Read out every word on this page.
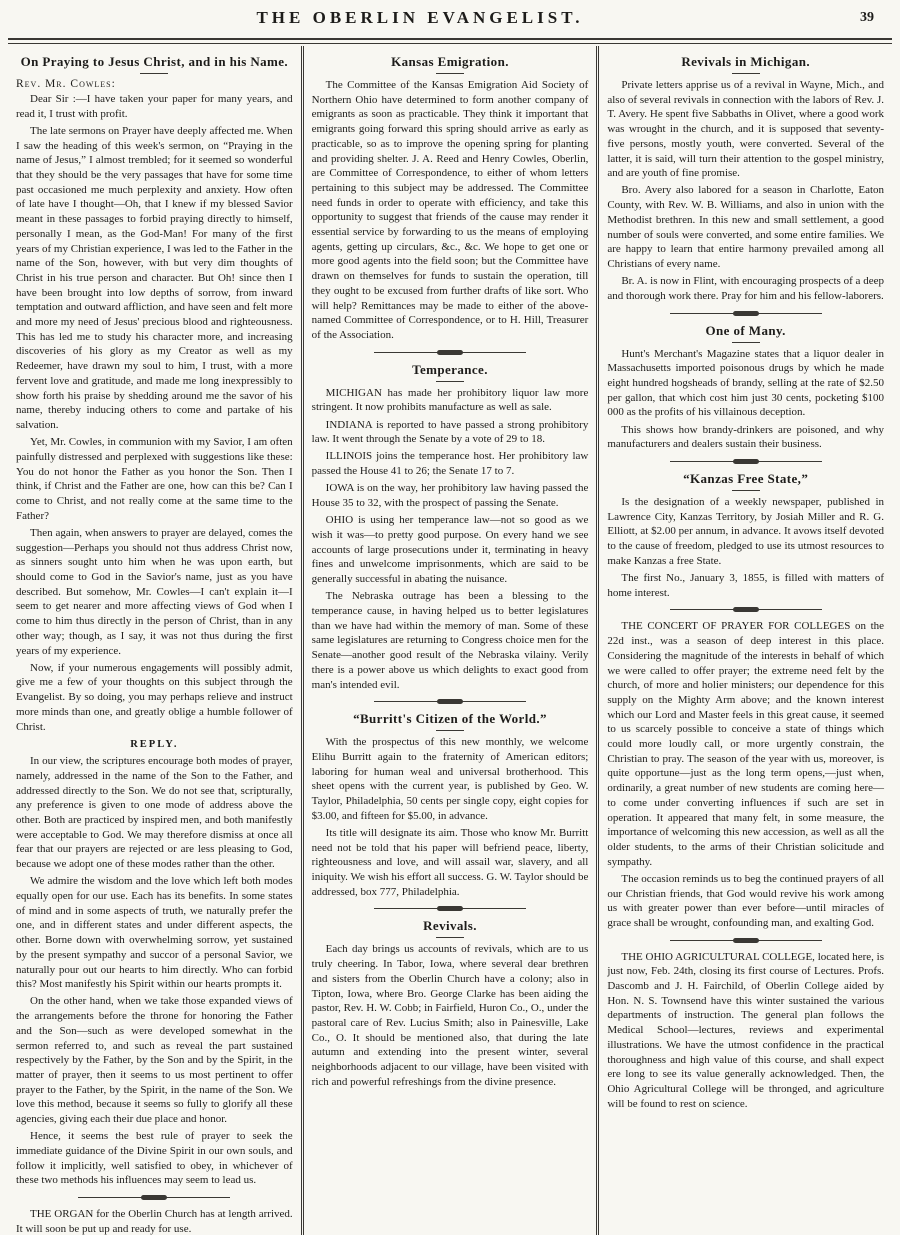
THE OBERLIN EVANGELIST.	39
On Praying to Jesus Christ, and in his Name.
Rev. Mr. Cowles:
Dear Sir :—I have taken your paper for many years, and read it, I trust with profit.
The late sermons on Prayer have deeply affected me. When I saw the heading of this week's sermon, on “Praying in the name of Jesus,” I almost trembled; for it seemed so wonderful that they should be the very passages that have for some time past occasioned me much perplexity and anxiety. How often of late have I thought—Oh, that I knew if my blessed Savior meant in these passages to forbid praying directly to himself, personally I mean, as the God-Man! For many of the first years of my Christian experience, I was led to the Father in the name of the Son, however, with but very dim thoughts of Christ in his true person and character. But Oh! since then I have been brought into low depths of sorrow, from inward temptation and outward affliction, and have seen and felt more and more my need of Jesus' precious blood and righteousness. This has led me to study his character more, and increasing discoveries of his glory as my Creator as well as my Redeemer, have drawn my soul to him, I trust, with a more fervent love and gratitude, and made me long inexpressibly to show forth his praise by shedding around me the savor of his name, thereby inducing others to come and partake of his salvation.
Yet, Mr. Cowles, in communion with my Savior, I am often painfully distressed and perplexed with suggestions like these: You do not honor the Father as you honor the Son. Then I think, if Christ and the Father are one, how can this be? Can I come to Christ, and not really come at the same time to the Father?
Then again, when answers to prayer are delayed, comes the suggestion—Perhaps you should not thus address Christ now, as sinners sought unto him when he was upon earth, but should come to God in the Savior's name, just as you have described. But somehow, Mr. Cowles—I can't explain it—I seem to get nearer and more affecting views of God when I come to him thus directly in the person of Christ, than in any other way; though, as I say, it was not thus during the first years of my experience.
Now, if your numerous engagements will possibly admit, give me a few of your thoughts on this subject through the Evangelist. By so doing, you may perhaps relieve and instruct more minds than one, and greatly oblige a humble follower of Christ.
REPLY.
In our view, the scriptures encourage both modes of prayer, namely, addressed in the name of the Son to the Father, and addressed directly to the Son. We do not see that, scripturally, any preference is given to one mode of address above the other. Both are practiced by inspired men, and both manifestly were acceptable to God. We may therefore dismiss at once all fear that our prayers are rejected or are less pleasing to God, because we adopt one of these modes rather than the other.
We admire the wisdom and the love which left both modes equally open for our use. Each has its benefits. In some states of mind and in some aspects of truth, we naturally prefer the one, and in different states and under different aspects, the other. Borne down with overwhelming sorrow, yet sustained by the present sympathy and succor of a personal Savior, we naturally pour out our hearts to him directly. Who can forbid this? Most manifestly his Spirit within our hearts prompts it.
On the other hand, when we take those expanded views of the arrangements before the throne for honoring the Father and the Son—such as were developed somewhat in the sermon referred to, and such as reveal the part sustained respectively by the Father, by the Son and by the Spirit, in the matter of prayer, then it seems to us most pertinent to offer prayer to the Father, by the Spirit, in the name of the Son. We love this method, because it seems so fully to glorify all these agencies, giving each their due place and honor.
Hence, it seems the best rule of prayer to seek the immediate guidance of the Divine Spirit in our own souls, and follow it implicitly, well satisfied to obey, in whichever of these two methods his influences may seem to lead us.
THE ORGAN for the Oberlin Church has at length arrived. It will soon be put up and ready for use.
Kansas Emigration.
The Committee of the Kansas Emigration Aid Society of Northern Ohio have determined to form another company of emigrants as soon as practicable. They think it important that emigrants going forward this spring should arrive as early as practicable, so as to improve the opening spring for planting and providing shelter. J. A. Reed and Henry Cowles, Oberlin, are Committee of Correspondence, to either of whom letters pertaining to this subject may be addressed. The Committee need funds in order to operate with efficiency, and take this opportunity to suggest that friends of the cause may render it essential service by forwarding to us the means of employing agents, getting up circulars, &c., &c. We hope to get one or more good agents into the field soon; but the Committee have drawn on themselves for funds to sustain the operation, till they ought to be excused from further drafts of like sort. Who will help? Remittances may be made to either of the above-named Committee of Correspondence, or to H. Hill, Treasurer of the Association.
Temperance.
MICHIGAN has made her prohibitory liquor law more stringent. It now prohibits manufacture as well as sale.
INDIANA is reported to have passed a strong prohibitory law. It went through the Senate by a vote of 29 to 18.
ILLINOIS joins the temperance host. Her prohibitory law passed the House 41 to 26; the Senate 17 to 7.
IOWA is on the way, her prohibitory law having passed the House 35 to 32, with the prospect of passing the Senate.
OHIO is using her temperance law—not so good as we wish it was—to pretty good purpose. On every hand we see accounts of large prosecutions under it, terminating in heavy fines and unwelcome imprisonments, which are said to be generally successful in abating the nuisance.
The Nebraska outrage has been a blessing to the temperance cause, in having helped us to better legislatures than we have had within the memory of man. Some of these same legislatures are returning to Congress choice men for the Senate—another good result of the Nebraska vilainy. Verily there is a power above us which delights to exact good from man's intended evil.
“Burritt's Citizen of the World.”
With the prospectus of this new monthly, we welcome Elihu Burritt again to the fraternity of American editors; laboring for human weal and universal brotherhood. This sheet opens with the current year, is published by Geo. W. Taylor, Philadelphia, 50 cents per single copy, eight copies for $3.00, and fifteen for $5.00, in advance.
Its title will designate its aim. Those who know Mr. Burritt need not be told that his paper will befriend peace, liberty, righteousness and love, and will assail war, slavery, and all iniquity. We wish his effort all success. G. W. Taylor should be addressed, box 777, Philadelphia.
Revivals.
Each day brings us accounts of revivals, which are to us truly cheering. In Tabor, Iowa, where several dear brethren and sisters from the Oberlin Church have a colony; also in Tipton, Iowa, where Bro. George Clarke has been aiding the pastor, Rev. H. W. Cobb; in Fairfield, Huron Co., O., under the pastoral care of Rev. Lucius Smith; also in Painesville, Lake Co., O. It should be mentioned also, that during the late autumn and extending into the present winter, several neighborhoods adjacent to our village, have been visited with rich and powerful refreshings from the divine presence.
Revivals in Michigan.
Private letters apprise us of a revival in Wayne, Mich., and also of several revivals in connection with the labors of Rev. J. T. Avery. He spent five Sabbaths in Olivet, where a good work was wrought in the church, and it is supposed that seventy-five persons, mostly youth, were converted. Several of the latter, it is said, will turn their attention to the gospel ministry, and are youth of fine promise.
Bro. Avery also labored for a season in Charlotte, Eaton County, with Rev. W. B. Williams, and also in union with the Methodist brethren. In this new and small settlement, a good number of souls were converted, and some entire families. We are happy to learn that entire harmony prevailed among all Christians of every name.
Br. A. is now in Flint, with encouraging prospects of a deep and thorough work there. Pray for him and his fellow-laborers.
One of Many.
Hunt's Merchant's Magazine states that a liquor dealer in Massachusetts imported poisonous drugs by which he made eight hundred hogsheads of brandy, selling at the rate of $2.50 per gallon, that which cost him just 30 cents, pocketing $100 000 as the profits of his villainous deception.
This shows how brandy-drinkers are poisoned, and why manufacturers and dealers sustain their business.
“Kanzas Free State,”
Is the designation of a weekly newspaper, published in Lawrence City, Kanzas Territory, by Josiah Miller and R. G. Elliott, at $2.00 per annum, in advance. It avows itself devoted to the cause of freedom, pledged to use its utmost resources to make Kanzas a free State.
The first No., January 3, 1855, is filled with matters of home interest.
THE CONCERT OF PRAYER FOR COLLEGES on the 22d inst., was a season of deep interest in this place. Considering the magnitude of the interests in behalf of which we were called to offer prayer; the extreme need felt by the church, of more and holier ministers; our dependence for this supply on the Mighty Arm above; and the known interest which our Lord and Master feels in this great cause, it seemed to us scarcely possible to conceive a state of things which could more loudly call, or more urgently constrain, the Christian to pray. The season of the year with us, moreover, is quite opportune—just as the long term opens,—just when, ordinarily, a great number of new students are coming here—to come under converting influences if such are set in operation. It appeared that many felt, in some measure, the importance of welcoming this new accession, as well as all the older students, to the arms of their Christian solicitude and sympathy.
The occasion reminds us to beg the continued prayers of all our Christian friends, that God would revive his work among us with greater power than ever before—until miracles of grace shall be wrought, confounding man, and exalting God.
THE OHIO AGRICULTURAL COLLEGE, located here, is just now, Feb. 24th, closing its first course of Lectures. Profs. Dascomb and J. H. Fairchild, of Oberlin College aided by Hon. N. S. Townsend have this winter sustained the various departments of instruction. The general plan follows the Medical School—lectures, reviews and experimental illustrations. We have the utmost confidence in the practical thoroughness and high value of this course, and shall expect ere long to see its value generally acknowledged. Then, the Ohio Agricultural College will be thronged, and agriculture will be found to rest on science.
